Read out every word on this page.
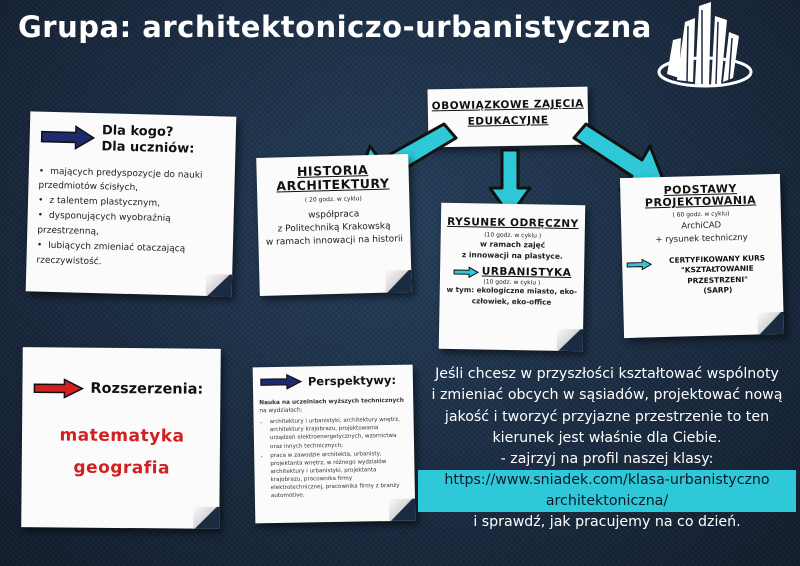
Grupa: architektoniczo-urbanistyczna
OBOWIĄZKOWE ZAJĘCIA
EDUKACYJNE
Dla kogo?
Dla uczniów:
• mających predyspozycje do nauki przedmiotów ścisłych,
• z talentem plastycznym,
• dysponujących wyobraźnią przestrzenną,
• lubiących zmieniać otaczającą rzeczywistość.
HISTORIA
ARCHITEKTURY
( 20 godz. w cyklu)
współpraca
z Politechniką Krakowską
w ramach innowacji na historii
RYSUNEK ODRĘCZNY
(10 godz. w cyklu )
w ramach zajęć
z innowacji na plastyce.
URBANISTYKA
(10 godz. w cyklu )
w tym: ekologiczne miasto, eko-
człowiek, eko-office
PODSTAWY
PROJEKTOWANIA
( 60 godz. w cyklu)
ArchiCAD
+ rysunek techniczny
CERTYFIKOWANY KURS
"KSZTAŁTOWANIE
PRZESTRZENI"
(SARP)
Rozszerzenia:
matematyka
geografia
Perspektywy:
Nauka na uczelniach wyższych technicznych na wydziałach:
• architektury i urbanistyki, architektury wnętrz, architektury krajobrazu, projektowania urządzeń elektroenergetycznych, wzornictwa oraz innych technicznych;
• praca w zawodzie architekta, urbanisty, projektanta wnętrz, w różnego wydziałów architektury i urbanistyki, projektanta krajobrazu, pracownika firmy elektrotechnicznej, pracownika firmy z branży automotive.
Jeśli chcesz w przyszłości kształtować wspólnoty
i zmieniać obcych w sąsiadów, projektować nową
jakość i tworzyć przyjazne przestrzenie to ten
kierunek jest właśnie dla Ciebie.
- zajrzyj na profil naszej klasy:
https://www.sniadek.com/klasa-urbanistyczno
architektoniczna/
i sprawdź, jak pracujemy na co dzień.
